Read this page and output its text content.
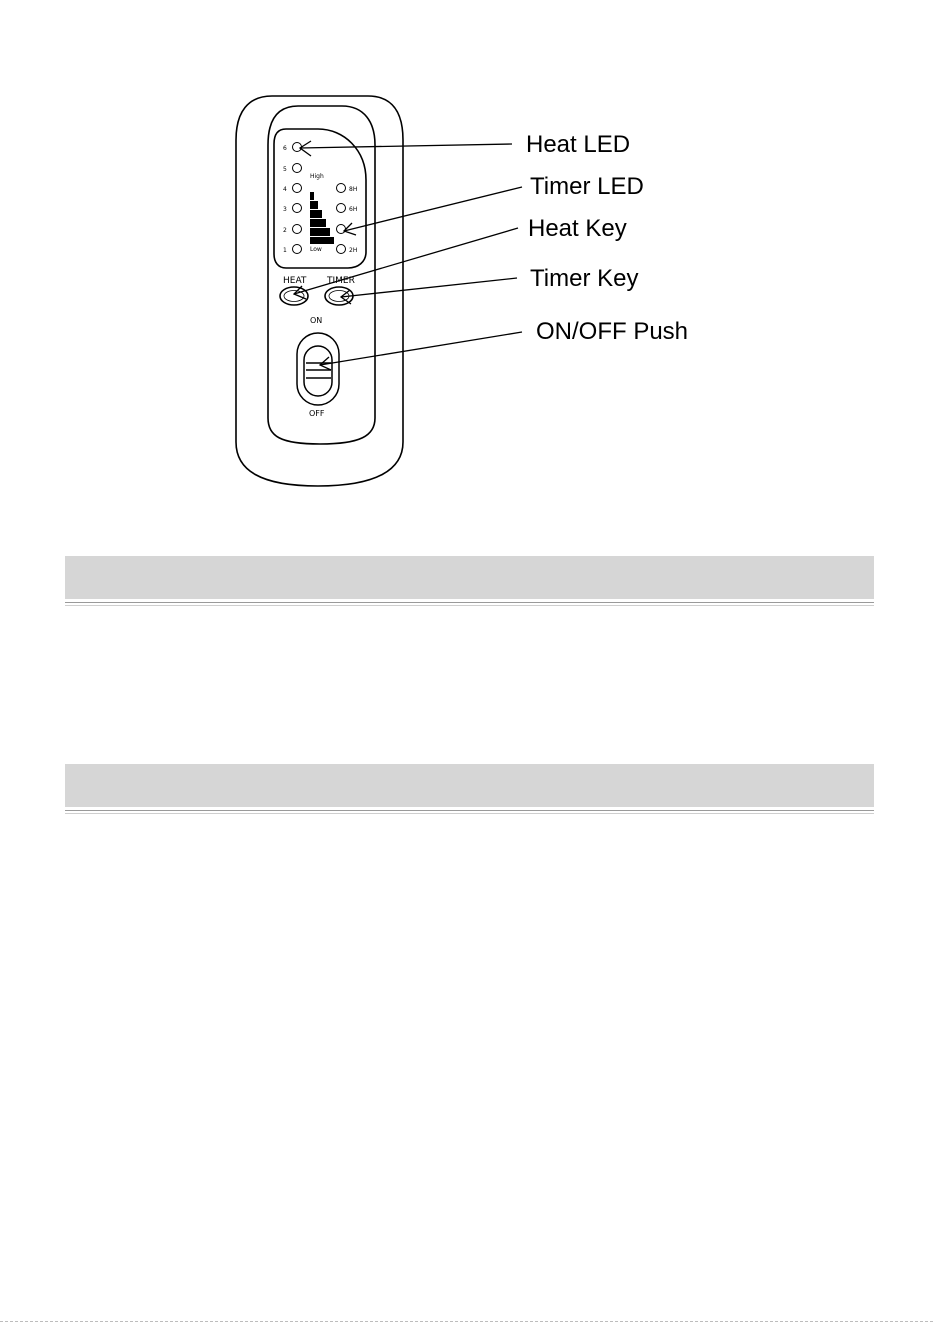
6
5
4
3
2
1
High
Low
8H
6H
2H
HEAT TIMER
ON
OFF
Heat LED
Timer LED
Heat Key
Timer Key
ON/OFF Push
